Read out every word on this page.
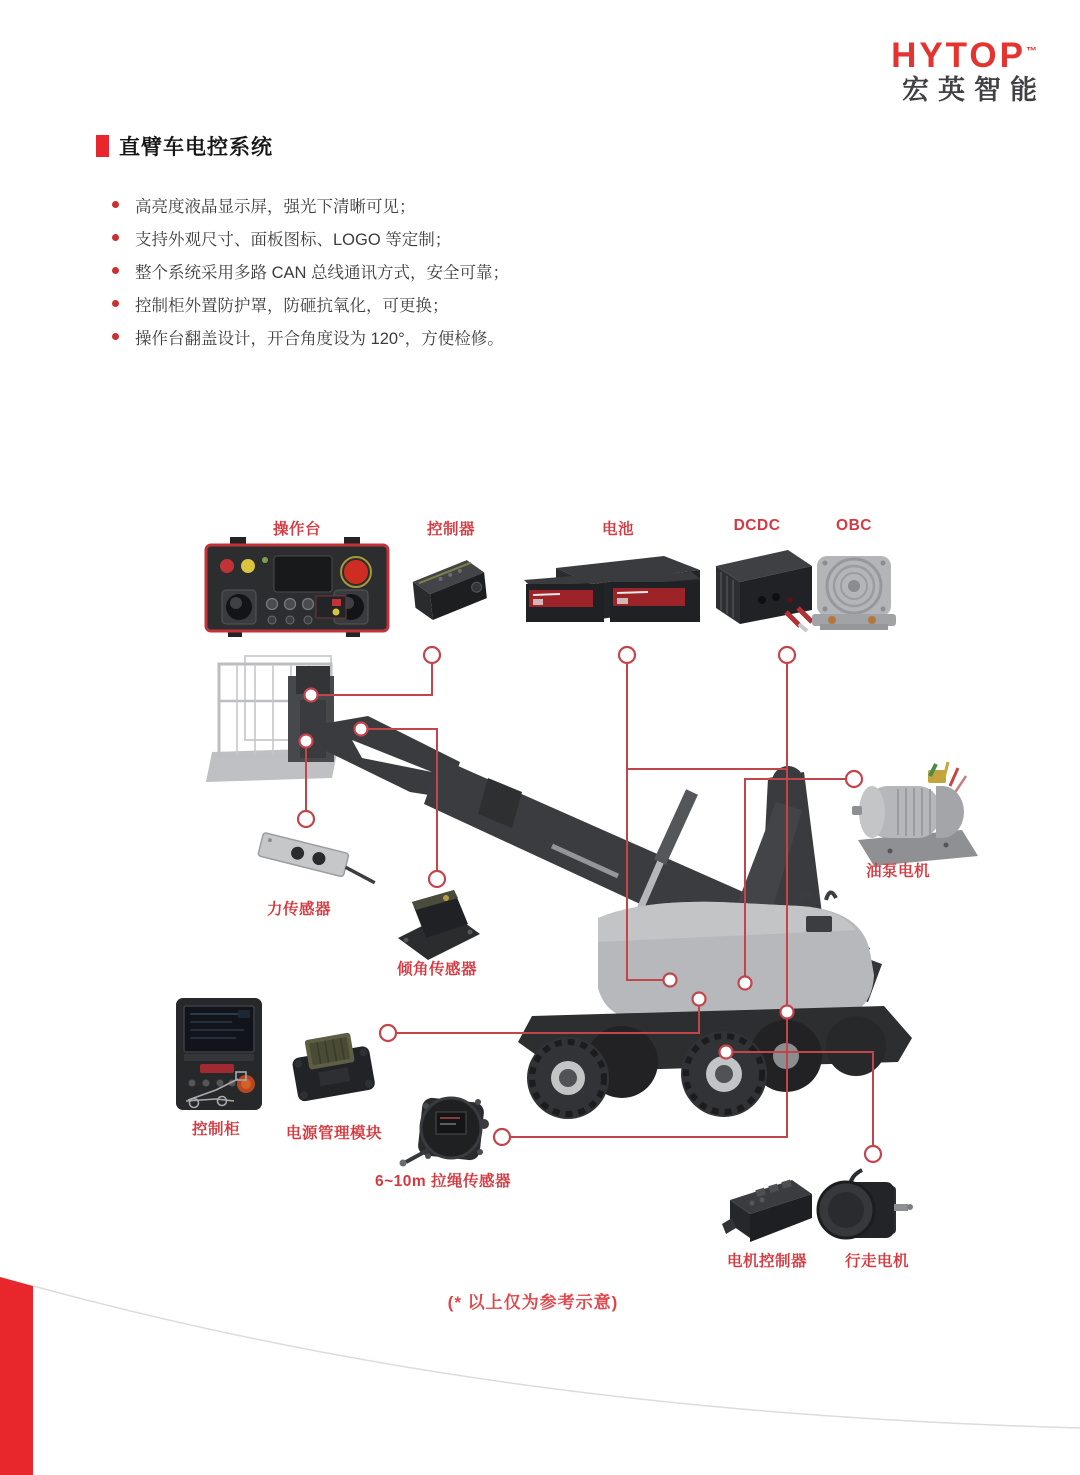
HYTOP™
宏英智能
直臂车电控系统
高亮度液晶显示屏，强光下清晰可见；
支持外观尺寸、面板图标、LOGO 等定制；
整个系统采用多路 CAN 总线通讯方式，安全可靠；
控制柜外置防护罩，防砸抗氧化，可更换；
操作台翻盖设计，开合角度设为 120°，方便检修。
操作台	控制器	电池	DCDC	OBC
力传感器
倾角传感器
油泵电机
控制柜	电源管理模块
6~10m 拉绳传感器
电机控制器 行走电机
(* 以上仅为参考示意)
